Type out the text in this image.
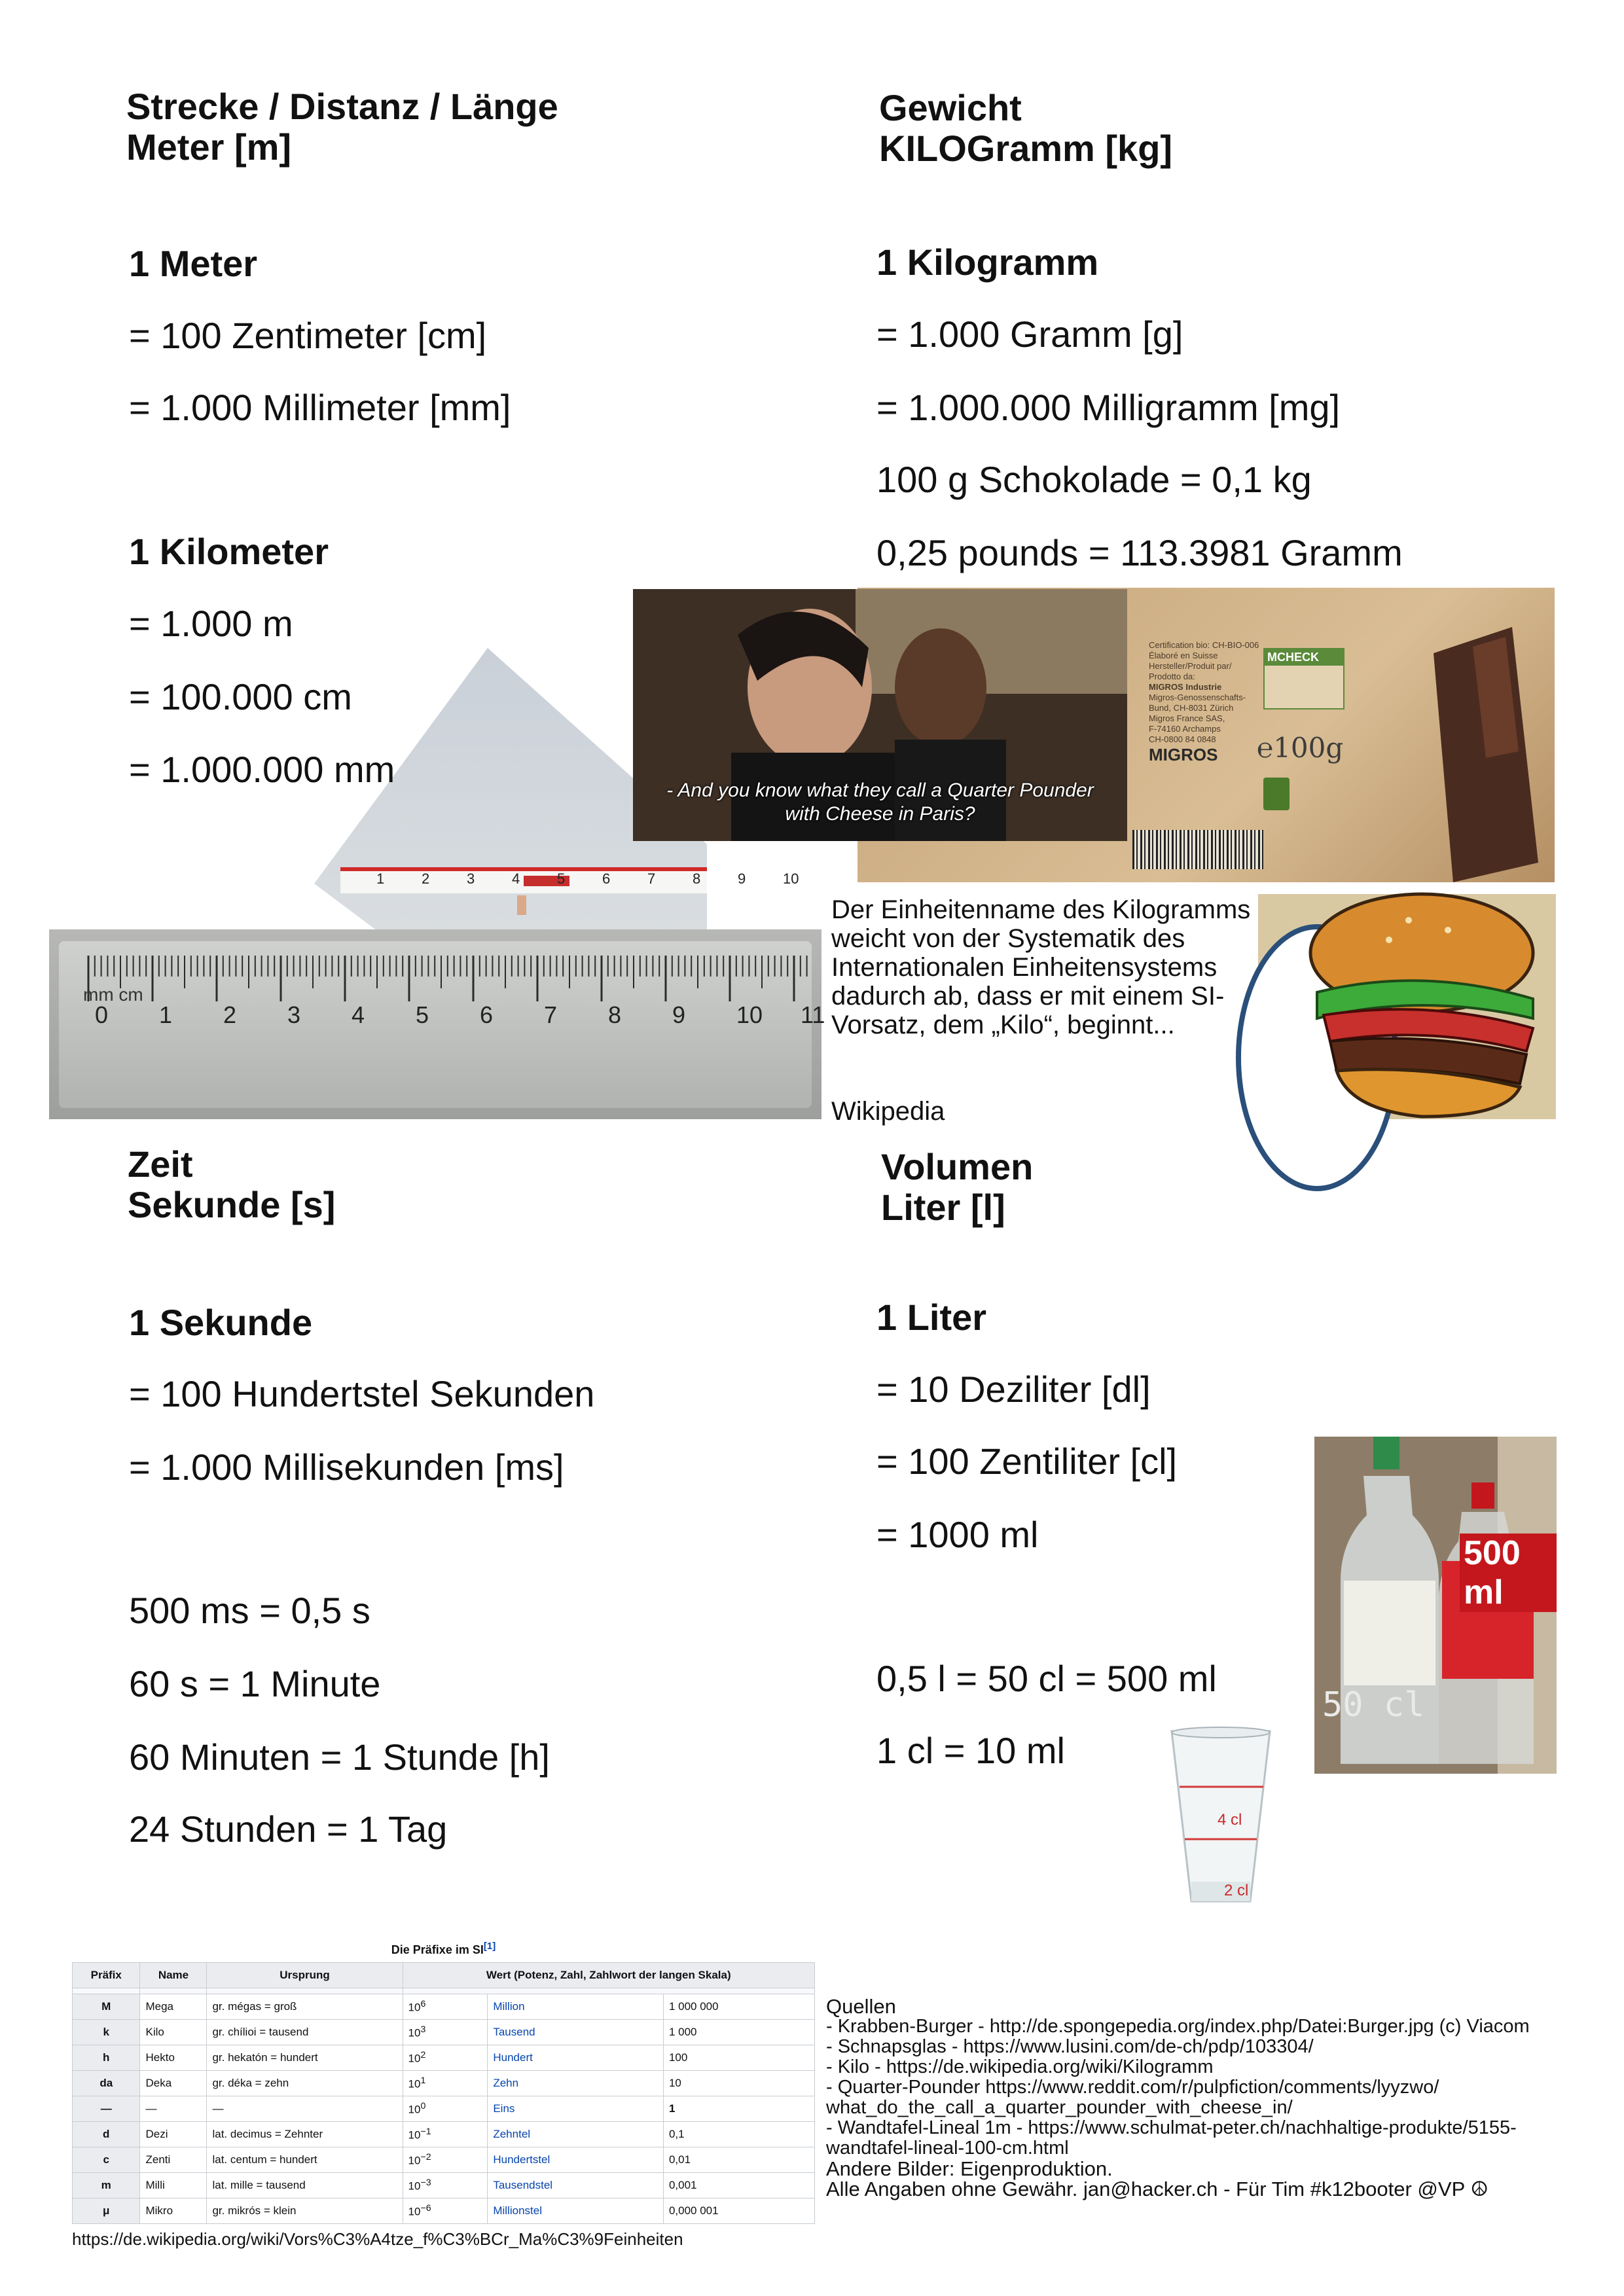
Strecke / Distanz / Länge
Meter [m]
1 Meter
= 100 Zentimeter [cm]
= 1.000 Millimeter [mm]
1 Kilometer
= 1.000 m
= 100.000 cm
1	2	3	4	5	6	7	8	9	10
= 1.000.000 mm
mm cm
0 1 2 3 4 5 6 7 8 9 10 11
Gewicht
KILOGramm [kg]
1 Kilogramm
= 1.000 Gramm [g]
= 1.000.000 Milligramm [mg]
100 g Schokolade = 0,1 kg
0,25 pounds = 113.3981 Gramm
Certification bio: CH-BIO-006
Élaboré en Suisse
Hersteller/Produit par/
Prodotto da:
MIGROS Industrie
Migros-Genossenschafts-
Bund, CH-8031 Zürich
Migros France SAS,
F-74160 Archamps
CH-0800 84 0848
MIGROS
MCHECK
℮100g
- And you know what they call a Quarter Pounder
with Cheese in Paris?
Der Einheitenname des Kilogramms weicht von der Systematik des Internationalen Einheitensystems dadurch ab, dass er mit einem SI-Vorsatz, dem „Kilo“, beginnt...
Wikipedia
Zeit
Sekunde [s]
1 Sekunde
= 100 Hundertstel Sekunden
= 1.000 Millisekunden [ms]
500 ms = 0,5 s
60 s = 1 Minute
60 Minuten = 1 Stunde [h]
24 Stunden = 1 Tag
Volumen
Liter [l]
1 Liter
= 10 Deziliter [dl]
= 100 Zentiliter [cl]
= 1000 ml
0,5 l = 50 cl = 500 ml
1 cl = 10 ml
50 cl
500 ml
4 cl
2 cl
Die Präfixe im SI[1]
Präfix	Name	Ursprung	Wert (Potenz, Zahl, Zahlwort der langen Skala)		

M	Mega	gr. mégas = groß	$10^6$	Million	1 000 000
k	Kilo	gr. chílioi = tausend	$10^3$	Tausend	1 000
h	Hekto	gr. hekatón = hundert	$10^2$	Hundert	100
da	Deka	gr. déka = zehn	$10^1$	Zehn	10
—	—	—	$10^0$	Eins	1
d	Dezi	lat. decimus = Zehnter	$10^{-1}$	Zehntel	0,1
c	Zenti	lat. centum = hundert	$10^{-2}$	Hundertstel	0,01
m	Milli	lat. mille = tausend	$10^{-3}$	Tausendstel	0,001
μ	Mikro	gr. mikrós = klein	$10^{-6}$	Millionstel	0,000 001
https://de.wikipedia.org/wiki/Vors%C3%A4tze_f%C3%BCr_Ma%C3%9Feinheiten
Quellen
- Krabben-Burger - http://de.spongepedia.org/index.php/Datei:Burger.jpg (c) Viacom
- Schnapsglas - https://www.lusini.com/de-ch/pdp/103304/
- Kilo - https://de.wikipedia.org/wiki/Kilogramm
- Quarter-Pounder https://www.reddit.com/r/pulpfiction/comments/lyyzwo/
what_do_the_call_a_quarter_pounder_with_cheese_in/
- Wandtafel-Lineal 1m - https://www.schulmat-peter.ch/nachhaltige-produkte/5155-
wandtafel-lineal-100-cm.html
Andere Bilder: Eigenproduktion.
Alle Angaben ohne Gewähr. jan@hacker.ch - Für Tim #k12booter @VP ☮
